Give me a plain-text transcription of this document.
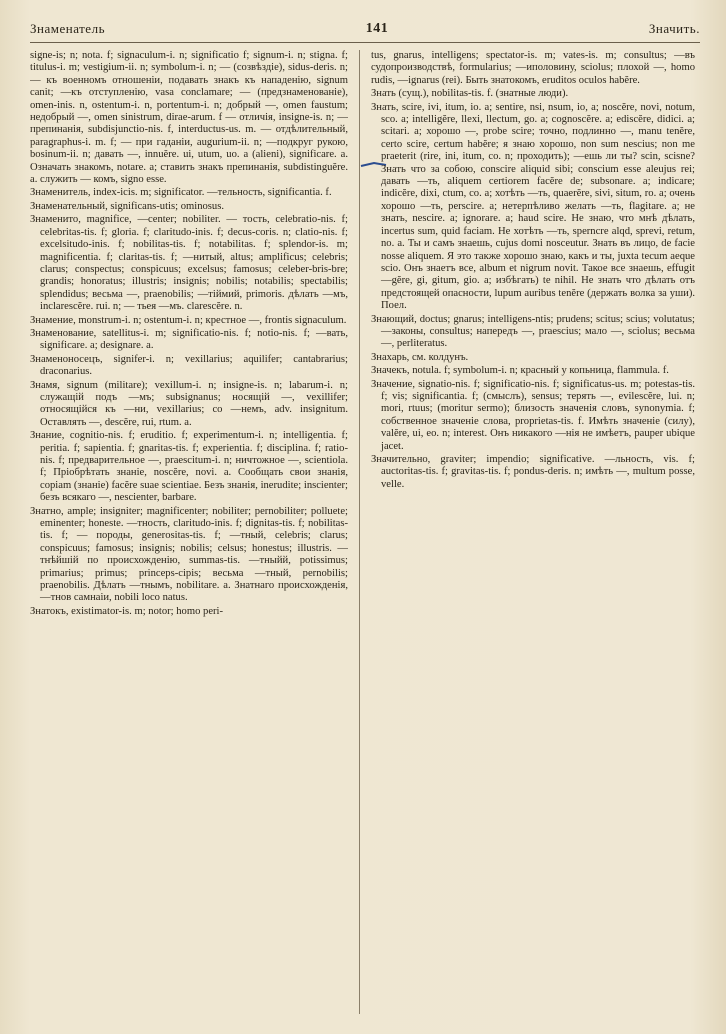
Знаменатель	141	Значить.

signe-is; n; nota. f; signaculum-i. n; significatio f; signum-i. n; stigna. f; titulus-i. m; vestigium-ii. n; symbolum-i. n; — (созвѣздіе), sidus-deris. n; — къ военномъ отношеніи, подавать знакъ къ нападенію, signum canit; —къ отступленію, vasa conclamare; — (предзнаменованіе), omen-inis. n, ostentum-i. n, portentum-i. n; добрый —, omen faustum; недобрый —, omen sinistrum, dirae-arum. f — отличія, insigne-is. n; —препинанія, subdisjunctio-nis. f, interductus-us. m. — отдѣлительный, paragraphus-i. m. f; — при гаданіи, augurium-ii. n; —подкруг рукою, bosinum-ii. n; давать —, innuĕre. ui, utum, uo. a (alieni), significare. a. Означать знакомъ, notare. a; ставить знакъ препинанія, subdistinguĕre. a. служить — комъ, signo esse.

Знаменитель, index-icis. m; significator. —тельность, significantia. f.

Знаменательный, significans-utis; ominosus.

Знаменито, magnifice, —center; nobiliter. — тость, celebratio-nis. f; celebritas-tis. f; gloria. f; claritudo-inis. f; decus-coris. n; clatio-nis. f; excelsitudo-inis. f; nobilitas-tis. f; notabilitas. f; splendor-is. m; magnificentia. f; claritas-tis. f; —нитый, altus; amplificus; celebris; clarus; conspectus; conspicuus; excelsus; famosus; celeber-bris-bre; grandis; honoratus; illustris; insignis; nobilis; notabilis; spectabilis; splendidus; весьма —, praenobilis; —тіймий, primoris. дѣлать —мъ, inclarescĕre. rui. n; — тьея —мъ. clarescĕre. n.

Знамение, monstrum-i. n; ostentum-i. n; крестное —, frontis signaculum.

Знаменование, satellitus-i. m; significatio-nis. f; notio-nis. f; —вать, significare. a; designare. a.

Знаменоносецъ, signifer-i. n; vexillarius; aquilifer; cantabrarius; draconarius.

Знамя, signum (militare); vexillum-i. n; insigne-is. n; labarum-i. n; служащій подъ —мъ; subsignanus; носящій —, vexillifer; относящійся къ —ни, vexillarius; со —немъ, adv. insignitum. Оставлять —, descĕre, rui, rtum. a.

Знание, cognitio-nis. f; eruditio. f; experimentum-i. n; intelligentia. f; peritia. f; sapientia. f; gnaritas-tis. f; experientia. f; disciplina. f; ratio-nis. f; предварительное —, praescitum-i. n; ничтожное —, scientiola. f; Пріобрѣтать знаніе, noscĕre, novi. a. Сообщать свои знанія, copiam (знаніе) facĕre suae scientiae. Безъ знанія, inerudite; inscienter; безъ всякаго —, nescienter, barbare.

Знатно, ample; insigniter; magnificenter; nobiliter; pernobiliter; polluete; eminenter; honeste. —тность, claritudo-inis. f; dignitas-tis. f; nobilitas-tis. f; — породы, generositas-tis. f; —тный, celebris; clarus; conspicuus; famosus; insignis; nobilis; celsus; honestus; illustris. —тнѣйшій по происхожденію, summas-tis. —тныйй, potissimus; primarius; primus; princeps-cipis; весьма —тный, pernobilis; praenobilis. Дѣлать —тнымъ, nobilitare. a. Знатнаго происхожденія, —тнов самнаіи, nobili loco natus.

Знатокъ, existimator-is. m; notor; homo peri-

tus, gnarus, intelligens; spectator-is. m; vates-is. m; consultus; —въ судопроизводствѣ, formularius; —иполовину, sciolus; плохой —, homo rudis, —ignarus (rei). Быть знатокомъ, eruditos oculos habĕre.

Знать (сущ.), nobilitas-tis. f. (знатные люди).

Знать, scire, ivi, itum, io. a; sentire, nsi, nsum, io, a; noscĕre, novi, notum, sco. a; intelligĕre, llexi, llectum, go. a; cognoscĕre. a; ediscĕre, didici. a; scitari. a; хорошо —, probe scire; точно, подлинно —, manu tenĕre, certo scire, certum habĕre; я знаю хорошо, non sum nescius; non me praeterit (rire, ini, itum, co. n; проходить); —ешь ли ты? scin, scisne? Знать что за собою, conscire aliquid sibi; conscium esse aleujus rei; давать —ть, aliquem certiorem facĕre de; subsonare. a; indicare; indicĕre, dixi, ctum, co. a; хотѣть —ть, quaerĕre, sivi, situm, ro. a; очень хорошо —ть, perscire. a; нетерпѣливо желать —ть, flagitare. a; не знать, nescire. a; ignorare. a; haud scire. Не знаю, что мнѣ дѣлать, incertus sum, quid faciam. Не хотѣть —ть, sperncre alqd, sprevi, retum, no. a. Ты и самъ знаешь, cujus domi nosceutur. Знать въ лицо, de facie nosse aliquem. Я это также хорошо знаю, какъ и ты, juxta tecum aeque scio. Онъ знаетъ все, album et nigrum novit. Такое все знаешь, effugit —gĕre, gi, gitum, gio. a; избѣгать) te nihil. Не знать что дѣлать отъ предстоящей опасности, lupum auribus tenĕre (держать волка за уши). Поел.

Знающий, doctus; gnarus; intelligens-ntis; prudens; scitus; scius; volutatus; —законы, consultus; напередъ —, praescius; мало —, sciolus; весьма —, perliteratus.

Знахарь, см. колдунъ.

Значекъ, notula. f; symbolum-i. n; красный у копьница, flammula. f.

Значение, signatio-nis. f; significatio-nis. f; significatus-us. m; potestas-tis. f; vis; significantia. f; (смыслъ), sensus; терять —, evilescĕre, lui. n; mori, rtuus; (moritur sermo); близость значенія словъ, synonymia. f; собственное значеніе слова, proprietas-tis. f. Имѣть значеніе (силу), valĕre, ui, eo. n; interest. Онъ никакого —нія не имѣетъ, pauper ubique jacet.

Значительно, graviter; impendio; significative. —льность, vis. f; auctoritas-tis. f; gravitas-tis. f; pondus-deris. n; имѣть —, multum posse, velle.
